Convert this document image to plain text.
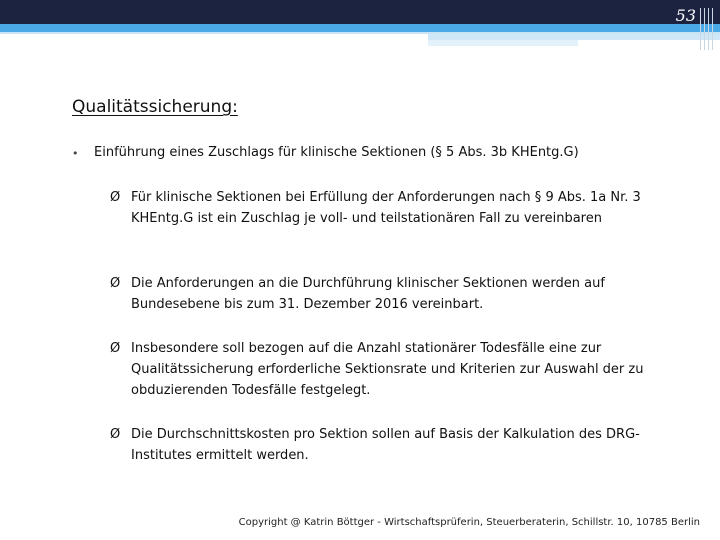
53
Qualitätssicherung:
•	Einführung eines Zuschlags für klinische Sektionen (§ 5 Abs. 3b KHEntg.G)
Ø Für klinische Sektionen bei Erfüllung der Anforderungen nach § 9 Abs. 1a Nr. 3 KHEntg.G ist ein Zuschlag je voll- und teilstationären Fall zu vereinbaren
Ø Die Anforderungen an die Durchführung klinischer Sektionen werden auf Bundesebene bis zum 31. Dezember 2016 vereinbart.
Ø Insbesondere soll bezogen auf die Anzahl stationärer Todesfälle eine zur Qualitätssicherung erforderliche Sektionsrate und Kriterien zur Auswahl der zu obduzierenden Todesfälle festgelegt.
Ø Die Durchschnittskosten pro Sektion sollen auf Basis der Kalkulation des DRG-Institutes ermittelt werden.
Copyright @ Katrin Böttger - Wirtschaftsprüferin, Steuerberaterin, Schillstr. 10, 10785 Berlin
